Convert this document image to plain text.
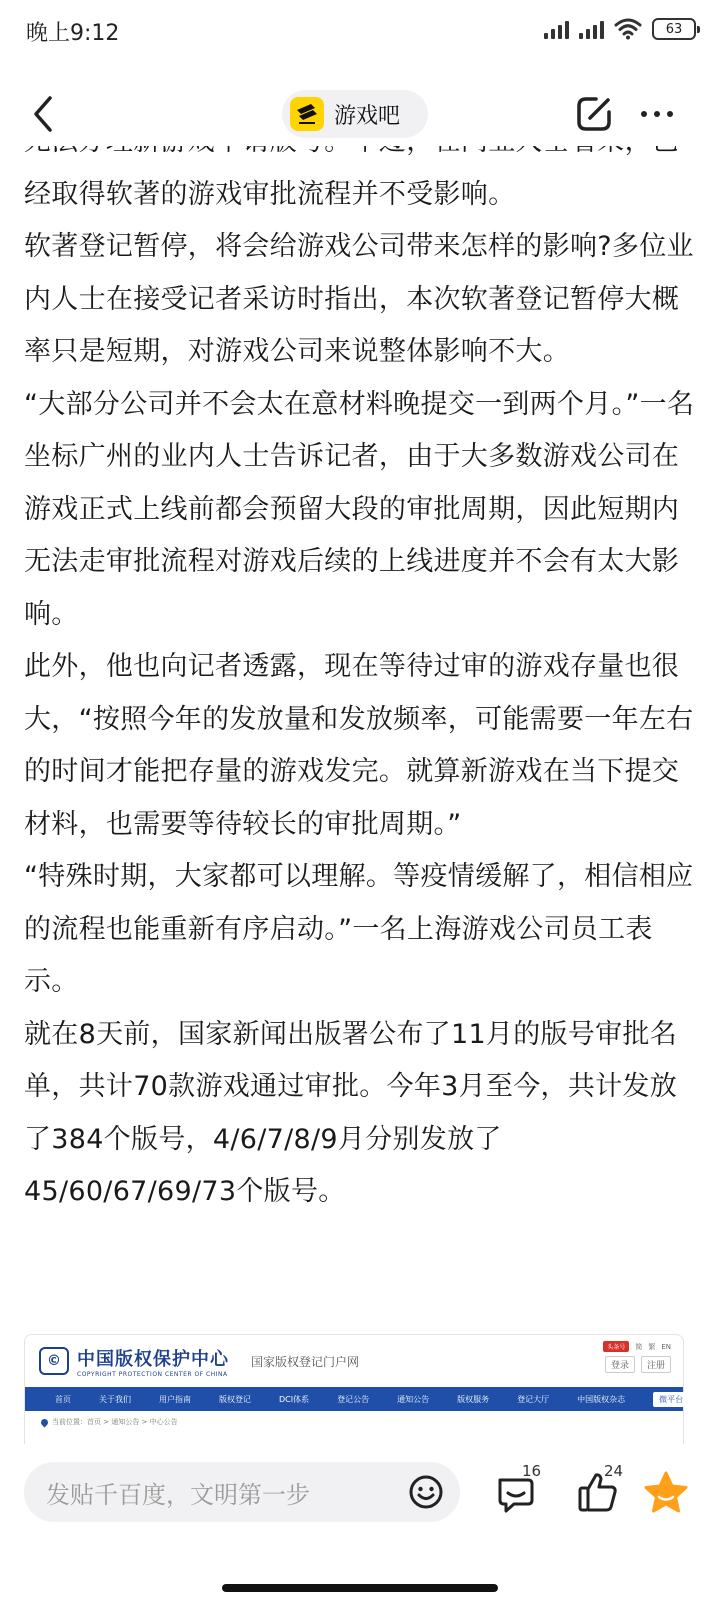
晚上9:12	63
游戏吧

经取得软著的游戏审批流程并不受影响。

软著登记暂停，将会给游戏公司带来怎样的影响?多位业内人士在接受记者采访时指出，本次软著登记暂停大概率只是短期，对游戏公司来说整体影响不大。

“大部分公司并不会太在意材料晚提交一到两个月。”一名坐标广州的业内人士告诉记者，由于大多数游戏公司在游戏正式上线前都会预留大段的审批周期，因此短期内无法走审批流程对游戏后续的上线进度并不会有太大影响。

此外，他也向记者透露，现在等待过审的游戏存量也很大，“按照今年的发放量和发放频率，可能需要一年左右的时间才能把存量的游戏发完。就算新游戏在当下提交材料，也需要等待较长的审批周期。”

“特殊时期，大家都可以理解。等疫情缓解了，相信相应的流程也能重新有序启动。”一名上海游戏公司员工表示。

就在8天前，国家新闻出版署公布了11月的版号审批名单，共计70款游戏通过审批。今年3月至今，共计发放了384个版号，4/6/7/8/9月分别发放了45/60/67/69/73个版号。

© 中国版权保护中心
COPYRIGHT PROTECTION CENTER OF CHINA
国家版权登记门户网
头条号	简 繁 EN
登录	注册
首页	关于我们	用户指南	版权登记	DCI体系	登记公告	通知公告	版权服务	登记大厅	中国版权杂志	微平台
当前位置：首页 > 通知公告 > 中心公告
发贴千百度，文明第一步
16	24
